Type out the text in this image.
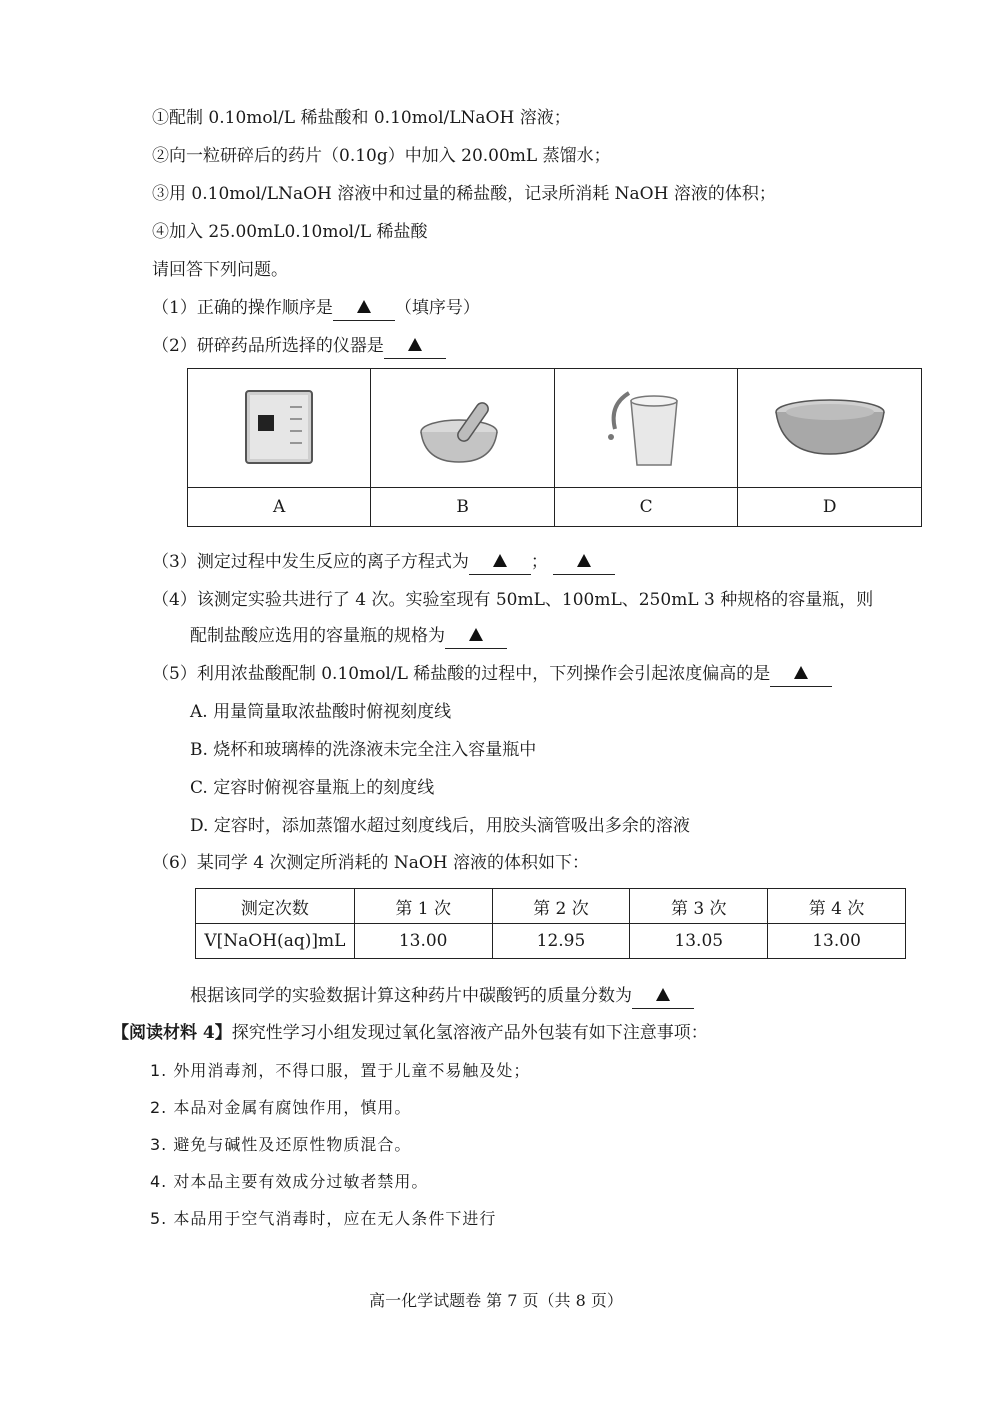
①配制 0.10mol/L 稀盐酸和 0.10mol/LNaOH 溶液；
②向一粒研碎后的药片（0.10g）中加入 20.00mL 蒸馏水；
③用 0.10mol/LNaOH 溶液中和过量的稀盐酸，记录所消耗 NaOH 溶液的体积；
④加入 25.00mL0.10mol/L 稀盐酸
请回答下列问题。
（1）正确的操作顺序是	（填序号）
（2）研碎药品所选择的仪器是

A	B	C	D
（3）测定过程中发生反应的离子方程式为	；
（4）该测定实验共进行了 4 次。实验室现有 50mL、100mL、250mL 3 种规格的容量瓶，则
配制盐酸应选用的容量瓶的规格为
（5）利用浓盐酸配制 0.10mol/L 稀盐酸的过程中，下列操作会引起浓度偏高的是
A. 用量筒量取浓盐酸时俯视刻度线
B. 烧杯和玻璃棒的洗涤液未完全注入容量瓶中
C. 定容时俯视容量瓶上的刻度线
D. 定容时，添加蒸馏水超过刻度线后，用胶头滴管吸出多余的溶液
（6）某同学 4 次测定所消耗的 NaOH 溶液的体积如下：
测定次数	第 1 次	第 2 次	第 3 次	第 4 次
V[NaOH(aq)]mL	13.00	12.95	13.05	13.00
根据该同学的实验数据计算这种药片中碳酸钙的质量分数为
【阅读材料 4】探究性学习小组发现过氧化氢溶液产品外包装有如下注意事项：
1. 外用消毒剂，不得口服，置于儿童不易触及处；
2. 本品对金属有腐蚀作用，慎用。
3. 避免与碱性及还原性物质混合。
4. 对本品主要有效成分过敏者禁用。
5. 本品用于空气消毒时，应在无人条件下进行
高一化学试题卷 第 7 页（共 8 页）
